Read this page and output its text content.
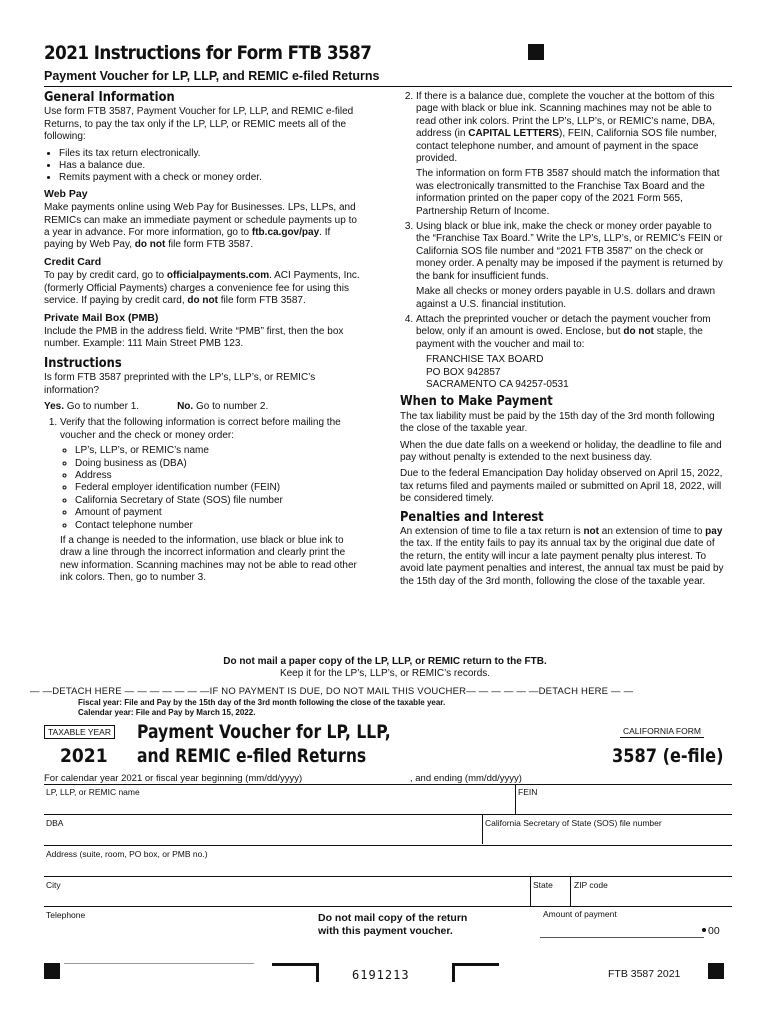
2021 Instructions for Form FTB 3587
Payment Voucher for LP, LLP, and REMIC e-filed Returns
General Information

Use form FTB 3587, Payment Voucher for LP, LLP, and REMIC e-filed Returns, to pay the tax only if the LP, LLP, or REMIC meets all of the following:

• Files its tax return electronically.
• Has a balance due.
• Remits payment with a check or money order.
Web Pay

Make payments online using Web Pay for Businesses. LPs, LLPs, and REMICs can make an immediate payment or schedule payments up to a year in advance. For more information, go to ftb.ca.gov/pay. If paying by Web Pay, do not file form FTB 3587.

Credit Card

To pay by credit card, go to officialpayments.com. ACI Payments, Inc. (formerly Official Payments) charges a convenience fee for using this service. If paying by credit card, do not file form FTB 3587.

Private Mail Box (PMB)

Include the PMB in the address field. Write “PMB” first, then the box number. Example: 111 Main Street PMB 123.

Instructions

Is form FTB 3587 preprinted with the LP’s, LLP’s, or REMIC’s information?

Yes. Go to number 1.	No. Go to number 2.

1. Verify that the following information is correct before mailing the voucher and the check or money order:

◦ LP’s, LLP’s, or REMIC’s name
◦ Doing business as (DBA)
◦ Address
◦ Federal employer identification number (FEIN)
◦ California Secretary of State (SOS) file number
◦ Amount of payment
◦ Contact telephone number

If a change is needed to the information, use black or blue ink to draw a line through the incorrect information and clearly print the new information. Scanning machines may not be able to read other ink colors. Then, go to number 3.

2. If there is a balance due, complete the voucher at the bottom of this page with black or blue ink. Scanning machines may not be able to read other ink colors. Print the LP’s, LLP’s, or REMIC’s name, DBA, address (in CAPITAL LETTERS), FEIN, California SOS file number, contact telephone number, and amount of payment in the space provided.

The information on form FTB 3587 should match the information that was electronically transmitted to the Franchise Tax Board and the information printed on the paper copy of the 2021 Form 565, Partnership Return of Income.

3. Using black or blue ink, make the check or money order payable to the “Franchise Tax Board.” Write the LP’s, LLP’s, or REMIC’s FEIN or California SOS file number and “2021 FTB 3587” on the check or money order. A penalty may be imposed if the payment is returned by the bank for insufficient funds.

Make all checks or money orders payable in U.S. dollars and drawn against a U.S. financial institution.

4. Attach the preprinted voucher or detach the payment voucher from below, only if an amount is owed. Enclose, but do not staple, the payment with the voucher and mail to:

FRANCHISE TAX BOARD
PO BOX 942857
SACRAMENTO CA 94257-0531
When to Make Payment

The tax liability must be paid by the 15th day of the 3rd month following the close of the taxable year.

When the due date falls on a weekend or holiday, the deadline to file and pay without penalty is extended to the next business day.

Due to the federal Emancipation Day holiday observed on April 15, 2022, tax returns filed and payments mailed or submitted on April 18, 2022, will be considered timely.

Penalties and Interest

An extension of time to file a tax return is not an extension of time to pay the tax. If the entity fails to pay its annual tax by the original due date of the return, the entity will incur a late payment penalty plus interest. To avoid late payment penalties and interest, the annual tax must be paid by the 15th day of the 3rd month, following the close of the taxable year.

Do not mail a paper copy of the LP, LLP, or REMIC return to the FTB.
Keep it for the LP’s, LLP’s, or REMIC’s records.
— —DETACH HERE — — — — — — —IF NO PAYMENT IS DUE, DO NOT MAIL THIS VOUCHER— — — — — —DETACH HERE — —
Fiscal year: File and Pay by the 15th day of the 3rd month following the close of the taxable year.
Calendar year: File and Pay by March 15, 2022.
TAXABLE YEAR
2021
Payment Voucher for LP, LLP,
and REMIC e-filed Returns
CALIFORNIA FORM
3587 (e-file)
For calendar year 2021 or fiscal year beginning (mm/dd/yyyy)	, and ending (mm/dd/yyyy)
LP, LLP, or REMIC name	FEIN
DBA	California Secretary of State (SOS) file number
Address (suite, room, PO box, or PMB no.)
City	State ZIP code
Telephone	Do not mail copy of the return
with this payment voucher.
Amount of payment
00
6191213	FTB 3587 2021
